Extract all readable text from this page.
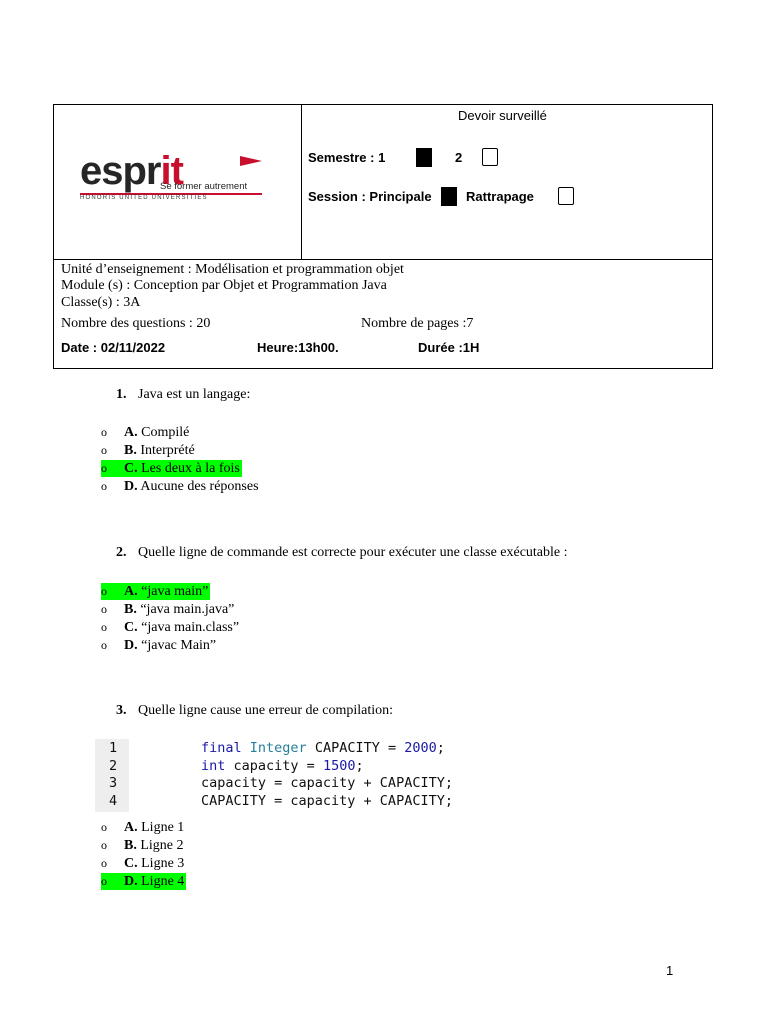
esprit
Se former autrement
HONORIS UNITED UNIVERSITIES
Devoir surveillé
Semestre : 1	2
Session : Principale	Rattrapage
Unité d’enseignement : Modélisation et programmation objet
Module (s) : Conception par Objet et Programmation Java
Classe(s) : 3A
Nombre des questions : 20	Nombre de pages :7
Date : 02/11/2022	Heure:13h00.	Durée :1H
1. Java est un langage:
o A. Compilé
o B. Interprété
o C. Les deux à la fois
o D. Aucune des réponses
2. Quelle ligne de commande est correcte pour exécuter une classe exécutable :
o A. “java main”
o B. “java main.java”
o C. “java main.class”
o D. “javac Main”
3. Quelle ligne cause une erreur de compilation:
1	final Integer CAPACITY = 2000;
2	int capacity = 1500;
3	capacity = capacity + CAPACITY;
4	CAPACITY = capacity + CAPACITY;
o A. Ligne 1
o B. Ligne 2
o C. Ligne 3
o D. Ligne 4
1
